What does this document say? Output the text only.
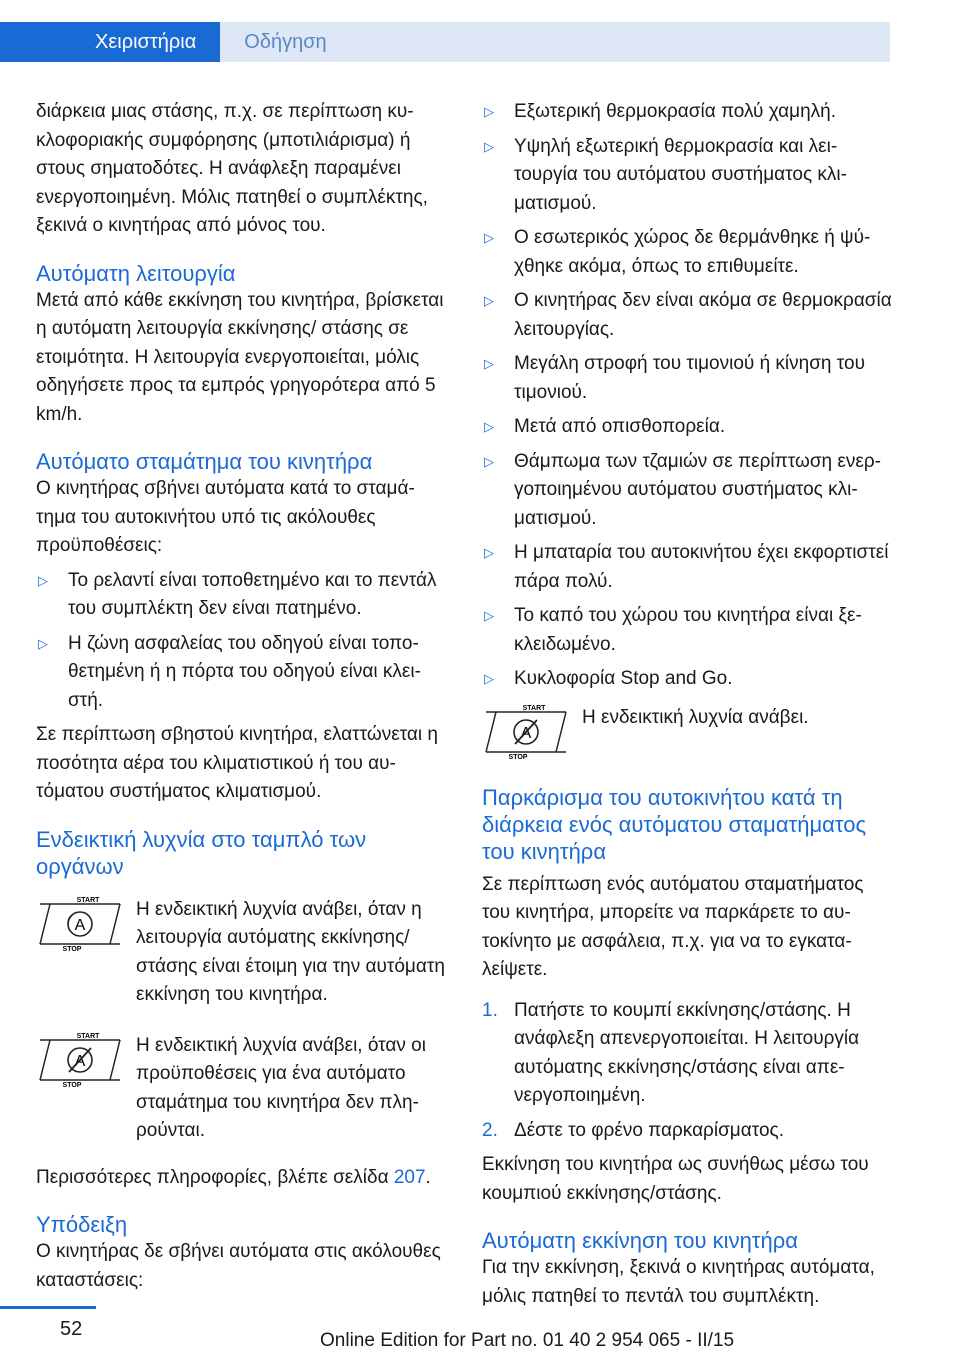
Χειριστήρια	Οδήγηση

διάρκεια μιας στάσης, π.χ. σε περίπτωση κυκλοφοριακής συμφόρησης (μποτιλιάρισμα) ή στους σηματοδότες. Η ανάφλεξη παραμένει ενεργοποιημένη. Μόλις πατηθεί ο συμπλέκτης, ξεκινά ο κινητήρας από μόνος του.

Αυτόματη λειτουργία

Μετά από κάθε εκκίνηση του κινητήρα, βρίσκεται η αυτόματη λειτουργία εκκίνησης/ στάσης σε ετοιμότητα. Η λειτουργία ενεργοποιείται, μόλις οδηγήσετε προς τα εμπρός γρηγορότερα από 5 km/h.

Αυτόματο σταμάτημα του κινητήρα

Ο κινητήρας σβήνει αυτόματα κατά το σταμάτημα του αυτοκινήτου υπό τις ακόλουθες προϋποθέσεις:

▷ Το ρελαντί είναι τοποθετημένο και το πεντάλ του συμπλέκτη δεν είναι πατημένο.
▷ Η ζώνη ασφαλείας του οδηγού είναι τοποθετημένη ή η πόρτα του οδηγού είναι κλειστή.

Σε περίπτωση σβηστού κινητήρα, ελαττώνεται η ποσότητα αέρα του κλιματιστικού ή του αυτόματου συστήματος κλιματισμού.

Ενδεικτική λυχνία στο ταμπλό των οργάνων
START
STOP
A
Η ενδεικτική λυχνία ανάβει, όταν η λειτουργία αυτόματης εκκίνησης/ στάσης είναι έτοιμη για την αυτόματη εκκίνηση του κινητήρα.
START
STOP
A
Η ενδεικτική λυχνία ανάβει, όταν οι προϋποθέσεις για ένα αυτόματο σταμάτημα του κινητήρα δεν πληρούνται.

Περισσότερες πληροφορίες, βλέπε σελίδα 207.

Υπόδειξη

Ο κινητήρας δε σβήνει αυτόματα στις ακόλουθες καταστάσεις:

▷ Εξωτερική θερμοκρασία πολύ χαμηλή.
▷ Υψηλή εξωτερική θερμοκρασία και λειτουργία του αυτόματου συστήματος κλιματισμού.
▷ Ο εσωτερικός χώρος δε θερμάνθηκε ή ψύχθηκε ακόμα, όπως το επιθυμείτε.
▷ Ο κινητήρας δεν είναι ακόμα σε θερμοκρασία λειτουργίας.
▷ Μεγάλη στροφή του τιμονιού ή κίνηση του τιμονιού.
▷ Μετά από οπισθοπορεία.
▷ Θάμπωμα των τζαμιών σε περίπτωση ενεργοποιημένου αυτόματου συστήματος κλιματισμού.
▷ Η μπαταρία του αυτοκινήτου έχει εκφορτιστεί πάρα πολύ.
▷ Το καπό του χώρου του κινητήρα είναι ξεκλειδωμένο.
▷ Κυκλοφορία Stop and Go.
START
STOP
A
Η ενδεικτική λυχνία ανάβει.
Παρκάρισμα του αυτοκινήτου κατά τη διάρκεια ενός αυτόματου σταματήματος του κινητήρα

Σε περίπτωση ενός αυτόματου σταματήματος του κινητήρα, μπορείτε να παρκάρετε το αυτοκίνητο με ασφάλεια, π.χ. για να το εγκαταλείψετε.

1. Πατήστε το κουμπί εκκίνησης/στάσης. Η ανάφλεξη απενεργοποιείται. Η λειτουργία αυτόματης εκκίνησης/στάσης είναι απενεργοποιημένη.
2. Δέστε το φρένο παρκαρίσματος.

Εκκίνηση του κινητήρα ως συνήθως μέσω του κουμπιού εκκίνησης/στάσης.

Αυτόματη εκκίνηση του κινητήρα

Για την εκκίνηση, ξεκινά ο κινητήρας αυτόματα, μόλις πατηθεί το πεντάλ του συμπλέκτη.

52
Online Edition for Part no. 01 40 2 954 065 - II/15
